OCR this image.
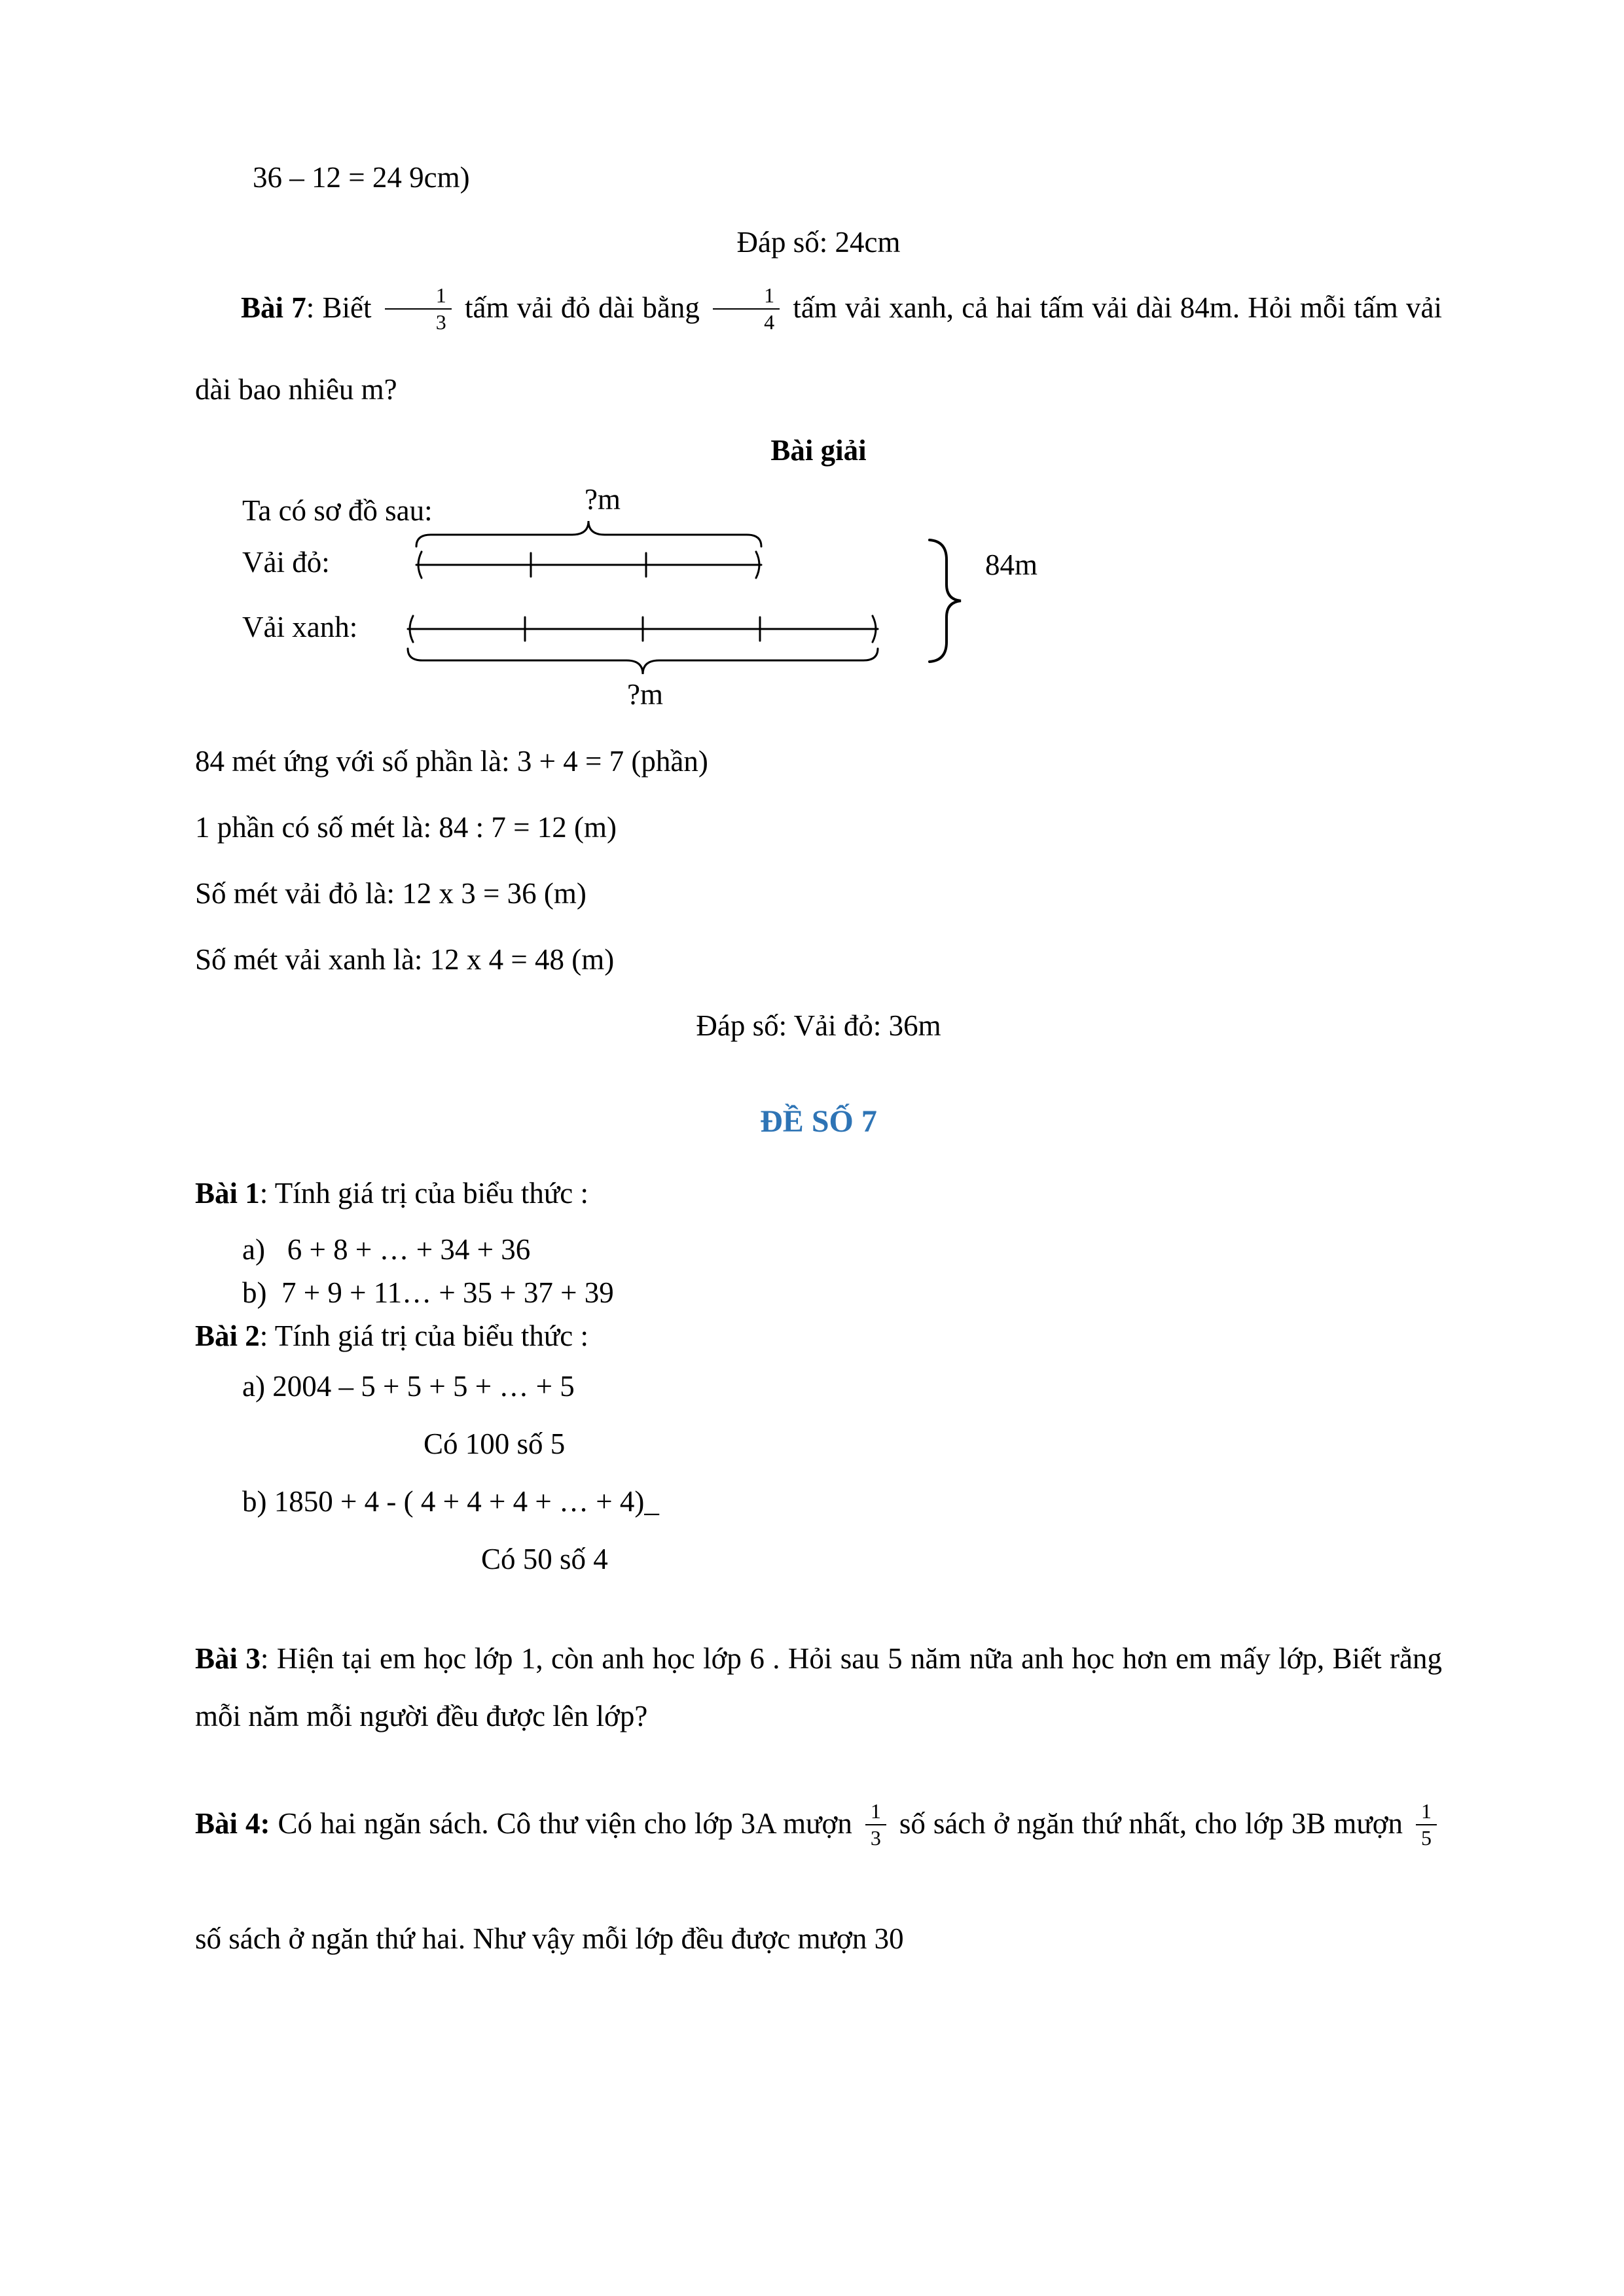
36 – 12 = 24 9cm)

Đáp số: 24cm

Bài 7: Biết $\frac{1}{3}$ tấm vải đỏ dài bằng $\frac{1}{4}$ tấm vải xanh, cả hai tấm vải dài 84m. Hỏi mỗi tấm vải dài bao nhiêu m?

Bài giải

Ta có sơ đồ sau:	?m
Vải đỏ:
Vải xanh:
?m
84m

84 mét ứng với số phần là: 3 + 4 = 7 (phần)

1 phần có số mét là: 84 : 7 = 12 (m)

Số mét vải đỏ là: 12 x 3 = 36 (m)

Số mét vải xanh là: 12 x 4 = 48 (m)

Đáp số: Vải đỏ: 36m

ĐỀ SỐ 7

Bài 1: Tính giá trị của biểu thức :

a)   6 + 8 + … + 34 + 36

b)  7 + 9 + 11… + 35 + 37 + 39

Bài 2: Tính giá trị của biểu thức :

a) 2004 – 5 + 5 + 5 + … + 5

Có 100 số 5

b) 1850 + 4 - ( 4 + 4 + 4 + … + 4)_

Có 50 số 4

Bài 3: Hiện tại em học lớp 1, còn anh học lớp 6 . Hỏi sau 5 năm nữa anh học hơn em mấy lớp, Biết rằng mỗi năm mỗi người đều được lên lớp?

Bài 4: Có hai ngăn sách. Cô thư viện cho lớp 3A mượn $\frac{1}{3}$ số sách ở ngăn thứ nhất, cho lớp 3B mượn $\frac{1}{5}$
số sách ở ngăn thứ hai. Như vậy mỗi lớp đều được mượn 30
